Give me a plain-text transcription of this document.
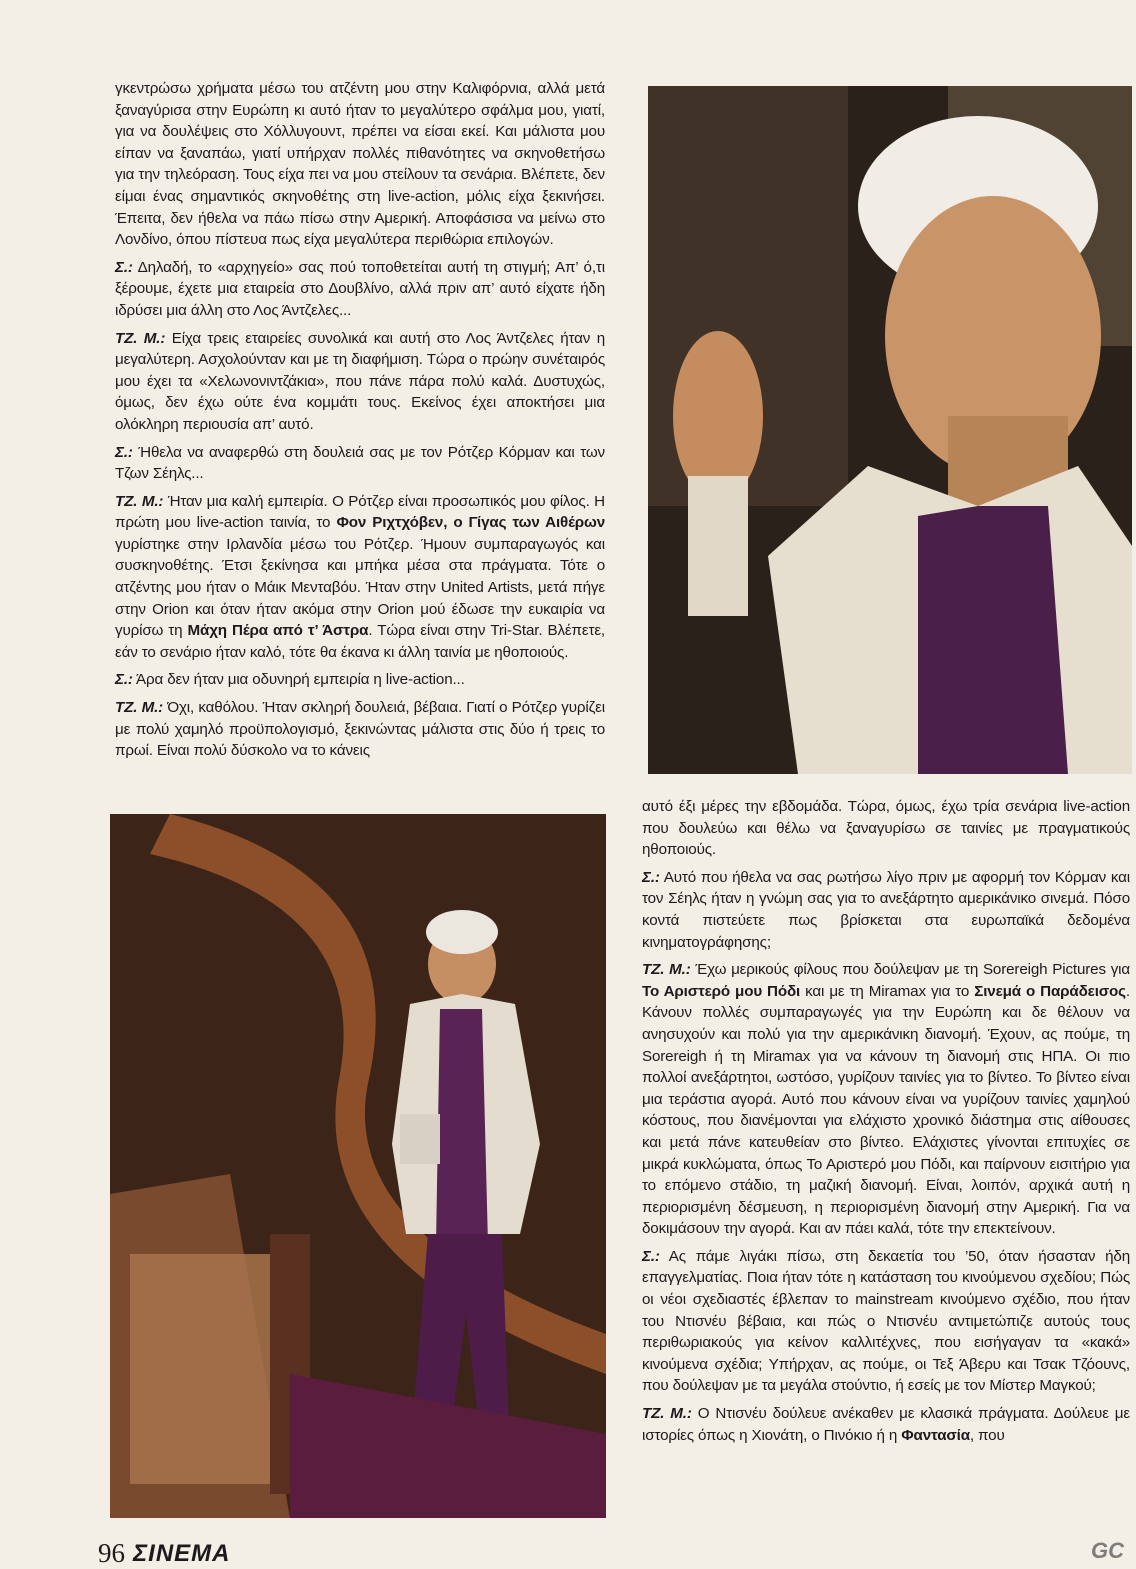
γκεντρώσω χρήματα μέσω του ατζέντη μου στην Καλιφόρνια, αλλά μετά ξαναγύρισα στην Ευρώπη κι αυτό ήταν το μεγαλύτερο σφάλμα μου, γιατί, για να δουλέψεις στο Χόλλυγουντ, πρέπει να είσαι εκεί. Και μάλιστα μου είπαν να ξαναπάω, γιατί υπήρχαν πολλές πιθανότητες να σκηνοθετήσω για την τηλεόραση. Τους είχα πει να μου στείλουν τα σενάρια. Βλέπετε, δεν είμαι ένας σημαντικός σκηνοθέτης στη live-action, μόλις είχα ξεκινήσει. Έπειτα, δεν ήθελα να πάω πίσω στην Αμερική. Αποφάσισα να μείνω στο Λονδίνο, όπου πίστευα πως είχα μεγαλύτερα περιθώρια επιλογών.

Σ.: Δηλαδή, το «αρχηγείο» σας πού τοποθετείται αυτή τη στιγμή; Απ’ ό,τι ξέρουμε, έχετε μια εταιρεία στο Δουβλίνο, αλλά πριν απ’ αυτό είχατε ήδη ιδρύσει μια άλλη στο Λος Άντζελες...

ΤΖ. Μ.: Είχα τρεις εταιρείες συνολικά και αυτή στο Λος Άντζελες ήταν η μεγαλύτερη. Ασχολούνταν και με τη διαφήμιση. Τώρα ο πρώην συνέταιρός μου έχει τα «Χελωνονιντζάκια», που πάνε πάρα πολύ καλά. Δυστυχώς, όμως, δεν έχω ούτε ένα κομμάτι τους. Εκείνος έχει αποκτήσει μια ολόκληρη περιουσία απ’ αυτό.

Σ.: Ήθελα να αναφερθώ στη δουλειά σας με τον Ρότζερ Κόρμαν και των Τζων Σέηλς...

ΤΖ. Μ.: Ήταν μια καλή εμπειρία. Ο Ρότζερ είναι προσωπικός μου φίλος. Η πρώτη μου live-action ταινία, το Φον Ριχτχόβεν, ο Γίγας των Αιθέρων γυρίστηκε στην Ιρλανδία μέσω του Ρότζερ. Ήμουν συμπαραγωγός και συσκηνοθέτης. Έτσι ξεκίνησα και μπήκα μέσα στα πράγματα. Τότε ο ατζέντης μου ήταν ο Μάικ Μενταβόυ. Ήταν στην United Artists, μετά πήγε στην Orion και όταν ήταν ακόμα στην Orion μού έδωσε την ευκαιρία να γυρίσω τη Μάχη Πέρα από τ’ Άστρα. Τώρα είναι στην Tri-Star. Βλέπετε, εάν το σενάριο ήταν καλό, τότε θα έκανα κι άλλη ταινία με ηθοποιούς.

Σ.: Άρα δεν ήταν μια οδυνηρή εμπειρία η live-action...

ΤΖ. Μ.: Όχι, καθόλου. Ήταν σκληρή δουλειά, βέβαια. Γιατί ο Ρότζερ γυρίζει με πολύ χαμηλό προϋπολογισμό, ξεκινώντας μάλιστα στις δύο ή τρεις το πρωί. Είναι πολύ δύσκολο να το κάνεις

αυτό έξι μέρες την εβδομάδα. Τώρα, όμως, έχω τρία σενάρια live-action που δουλεύω και θέλω να ξαναγυρίσω σε ταινίες με πραγματικούς ηθοποιούς.

Σ.: Αυτό που ήθελα να σας ρωτήσω λίγο πριν με αφορμή τον Κόρμαν και τον Σέηλς ήταν η γνώμη σας για το ανεξάρτητο αμερικάνικο σινεμά. Πόσο κοντά πιστεύετε πως βρίσκεται στα ευρωπαϊκά δεδομένα κινηματογράφησης;

ΤΖ. Μ.: Έχω μερικούς φίλους που δούλεψαν με τη Sorereigh Pictures για Το Αριστερό μου Πόδι και με τη Miramax για το Σινεμά ο Παράδεισος. Κάνουν πολλές συμπαραγωγές για την Ευρώπη και δε θέλουν να ανησυχούν και πολύ για την αμερικάνικη διανομή. Έχουν, ας πούμε, τη Sorereigh ή τη Miramax για να κάνουν τη διανομή στις ΗΠΑ. Οι πιο πολλοί ανεξάρτητοι, ωστόσο, γυρίζουν ταινίες για το βίντεο. Το βίντεο είναι μια τεράστια αγορά. Αυτό που κάνουν είναι να γυρίζουν ταινίες χαμηλού κόστους, που διανέμονται για ελάχιστο χρονικό διάστημα στις αίθουσες και μετά πάνε κατευθείαν στο βίντεο. Ελάχιστες γίνονται επιτυχίες σε μικρά κυκλώματα, όπως Το Αριστερό μου Πόδι, και παίρνουν εισιτήριο για το επόμενο στάδιο, τη μαζική διανομή. Είναι, λοιπόν, αρχικά αυτή η περιορισμένη δέσμευση, η περιορισμένη διανομή στην Αμερική. Για να δοκιμάσουν την αγορά. Και αν πάει καλά, τότε την επεκτείνουν.

Σ.: Ας πάμε λιγάκι πίσω, στη δεκαετία του ’50, όταν ήσασταν ήδη επαγγελματίας. Ποια ήταν τότε η κατάσταση του κινούμενου σχεδίου; Πώς οι νέοι σχεδιαστές έβλεπαν το mainstream κινούμενο σχέδιο, που ήταν του Ντισνέυ βέβαια, και πώς ο Ντισνέυ αντιμετώπιζε αυτούς τους περιθωριακούς για κείνον καλλιτέχνες, που εισήγαγαν τα «κακά» κινούμενα σχέδια; Υπήρχαν, ας πούμε, οι Τεξ Άβερυ και Τσακ Τζόουνς, που δούλεψαν με τα μεγάλα στούντιο, ή εσείς με τον Μίστερ Μαγκού;

ΤΖ. Μ.: Ο Ντισνέυ δούλευε ανέκαθεν με κλασικά πράγματα. Δούλευε με ιστορίες όπως η Χιονάτη, ο Πινόκιο ή η Φαντασία, που

96 ΣΙΝΕΜΑ	GC
